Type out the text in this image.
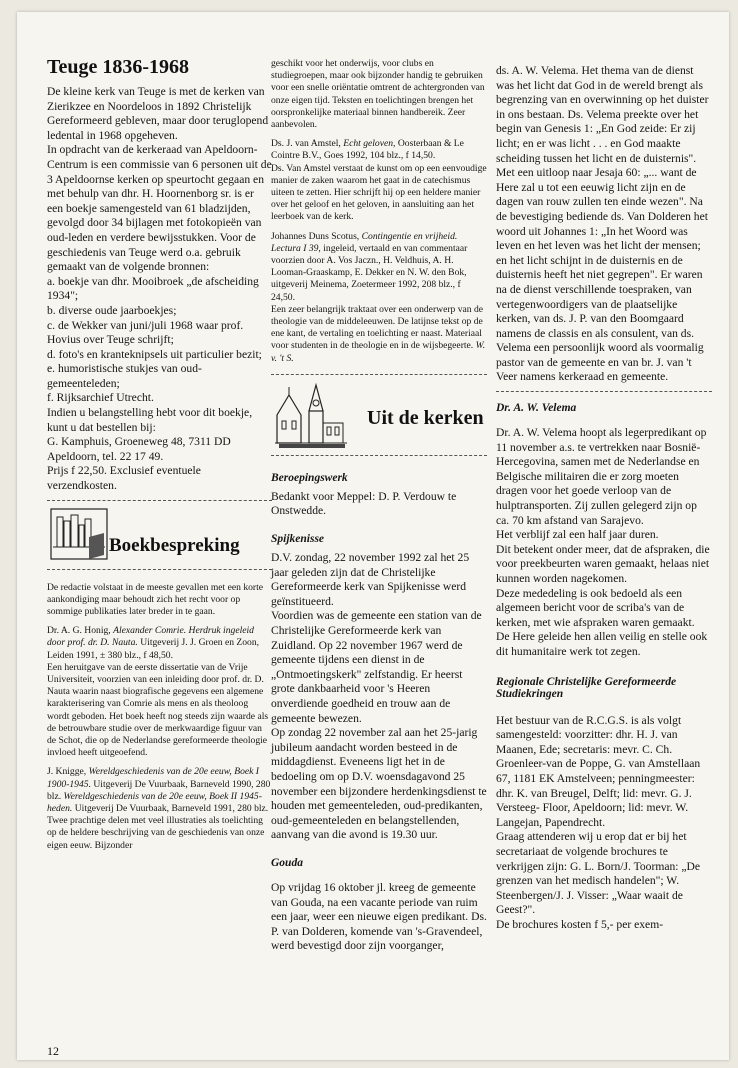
Teuge 1836-1968

De kleine kerk van Teuge is met de kerken van Zierikzee en Noordeloos in 1892 Christelijk Gereformeerd gebleven, maar door teruglopend ledental in 1968 opgeheven.

In opdracht van de kerkeraad van Apeldoorn-Centrum is een commissie van 6 personen uit de 3 Apeldoornse kerken op speurtocht gegaan en met behulp van dhr. H. Hoornenborg sr. is er een boekje samengesteld van 61 bladzijden, gevolgd door 34 bijlagen met fotokopieën van oud-leden en verdere bewijsstukken. Voor de geschiedenis van Teuge werd o.a. gebruik gemaakt van de volgende bronnen:

a. boekje van dhr. Mooibroek „de afscheiding 1934";

b. diverse oude jaarboekjes;

c. de Wekker van juni/juli 1968 waar prof. Hovius over Teuge schrijft;

d. foto's en kranteknipsels uit particulier bezit;

e. humoristische stukjes van oud-gemeenteleden;

f. Rijksarchief Utrecht.

Indien u belangstelling hebt voor dit boekje, kunt u dat bestellen bij:

G. Kamphuis, Groeneweg 48, 7311 DD Apeldoorn, tel. 22 17 49.

Prijs f 22,50. Exclusief eventuele verzendkosten.

Boekbespreking

De redactie volstaat in de meeste gevallen met een korte aankondiging maar behoudt zich het recht voor op sommige publikaties later breder in te gaan.

Dr. A. G. Honig, Alexander Comrie. Herdruk ingeleid door prof. dr. D. Nauta. Uitgeverij J. J. Groen en Zoon, Leiden 1991, ± 380 blz., f 48,50.

Een heruitgave van de eerste dissertatie van de Vrije Universiteit, voorzien van een inleiding door prof. dr. D. Nauta waarin naast biografische gegevens een algemene karakterisering van Comrie als mens en als theoloog wordt geboden. Het boek heeft nog steeds zijn waarde als de betrouwbare studie over de merkwaardige figuur van de Schot, die op de Nederlandse gereformeerde theologie invloed heeft uitgeoefend.

J. Knigge, Wereldgeschiedenis van de 20e eeuw, Boek I 1900-1945. Uitgeverij De Vuurbaak, Barneveld 1990, 280 blz. Wereldgeschiedenis van de 20e eeuw, Boek II 1945-heden. Uitgeverij De Vuurbaak, Barneveld 1991, 280 blz.

Twee prachtige delen met veel illustraties als toelichting op de heldere beschrijving van de geschiedenis van onze eigen eeuw. Bijzonder

geschikt voor het onderwijs, voor clubs en studiegroepen, maar ook bijzonder handig te gebruiken voor een snelle oriëntatie omtrent de achtergronden van onze eigen tijd. Teksten en toelichtingen brengen het oorspronkelijke materiaal binnen handbereik. Zeer aanbevolen.

Ds. J. van Amstel, Echt geloven, Oosterbaan & Le Cointre B.V., Goes 1992, 104 blz., f 14,50.

Ds. Van Amstel verstaat de kunst om op een eenvoudige manier de zaken waarom het gaat in de catechismus uiteen te zetten. Hier schrijft hij op een heldere manier over het geloof en het geloven, in aansluiting aan het leerboek van de kerk.

Johannes Duns Scotus, Contingentie en vrijheid. Lectura I 39, ingeleid, vertaald en van commentaar voorzien door A. Vos Jaczn., H. Veldhuis, A. H. Looman-Graaskamp, E. Dekker en N. W. den Bok, uitgeverij Meinema, Zoetermeer 1992, 208 blz., f 24,50.

Een zeer belangrijk traktaat over een onderwerp van de theologie van de middeleeuwen. De latijnse tekst op de ene kant, de vertaling en toelichting er naast. Materiaal voor studenten in de theologie en in de wijsbegeerte. W. v. 't S.

Uit de kerken
Beroepingswerk

Bedankt voor Meppel: D. P. Verdouw te Onstwedde.

Spijkenisse

D.V. zondag, 22 november 1992 zal het 25 jaar geleden zijn dat de Christelijke Gereformeerde kerk van Spijkenisse werd geïnstitueerd.

Voordien was de gemeente een station van de Christelijke Gereformeerde kerk van Zuidland. Op 22 november 1967 werd de gemeente tijdens een dienst in de „Ontmoetingskerk" zelfstandig. Er heerst grote dankbaarheid voor 's Heeren onverdiende goedheid en trouw aan de gemeente bewezen.

Op zondag 22 november zal aan het 25-jarig jubileum aandacht worden besteed in de middagdienst. Eveneens ligt het in de bedoeling om op D.V. woensdagavond 25 november een bijzondere herdenkingsdienst te houden met gemeenteleden, oud-predikanten, oud-gemeenteleden en belangstellenden, aanvang van die avond is 19.30 uur.

Gouda

Op vrijdag 16 oktober jl. kreeg de gemeente van Gouda, na een vacante periode van ruim een jaar, weer een nieuwe eigen predikant. Ds. P. van Dolderen, komende van 's-Gravendeel, werd bevestigd door zijn voorganger,

ds. A. W. Velema. Het thema van de dienst was het licht dat God in de wereld brengt als begrenzing van en overwinning op het duister in ons bestaan. Ds. Velema preekte over het begin van Genesis 1: „En God zeide: Er zij licht; en er was licht . . . en God maakte scheiding tussen het licht en de duisternis". Met een uitloop naar Jesaja 60: „... want de Here zal u tot een eeuwig licht zijn en de dagen van rouw zullen ten einde wezen". Na de bevestiging bediende ds. Van Dolderen het woord uit Johannes 1: „In het Woord was leven en het leven was het licht der mensen; en het licht schijnt in de duisternis en de duisternis heeft het niet gegrepen". Er waren na de dienst verschillende toespraken, van vertegenwoordigers van de plaatselijke kerken, van ds. J. P. van den Boomgaard namens de classis en als consulent, van ds. Velema een persoonlijk woord als voormalig pastor van de gemeente en van br. J. van 't Veer namens kerkeraad en gemeente.

Dr. A. W. Velema

Dr. A. W. Velema hoopt als legerpredikant op 11 november a.s. te vertrekken naar Bosnië-Hercegovina, samen met de Nederlandse en Belgische militairen die er zorg moeten dragen voor het goede verloop van de hulptransporten. Zij zullen gelegerd zijn op ca. 70 km afstand van Sarajevo.

Het verblijf zal een half jaar duren.

Dit betekent onder meer, dat de afspraken, die voor preekbeurten waren gemaakt, helaas niet kunnen worden nagekomen.

Deze mededeling is ook bedoeld als een algemeen bericht voor de scriba's van de kerken, met wie afspraken waren gemaakt.

De Here geleide hen allen veilig en stelle ook dit humanitaire werk tot zegen.

Regionale Christelijke Gereformeerde Studiekringen

Het bestuur van de R.C.G.S. is als volgt samengesteld: voorzitter: dhr. H. J. van Maanen, Ede; secretaris: mevr. C. Ch. Groenleer-van de Poppe, G. van Amstellaan 67, 1181 EK Amstelveen; penningmeester: dhr. K. van Breugel, Delft; lid: mevr. G. J. Versteeg- Floor, Apeldoorn; lid: mevr. W. Langejan, Papendrecht.

Graag attenderen wij u erop dat er bij het secretariaat de volgende brochures te verkrijgen zijn: G. L. Born/J. Toorman: „De grenzen van het medisch handelen"; W. Steenbergen/J. J. Visser: „Waar waait de Geest?".

De brochures kosten f 5,- per exem-

12
